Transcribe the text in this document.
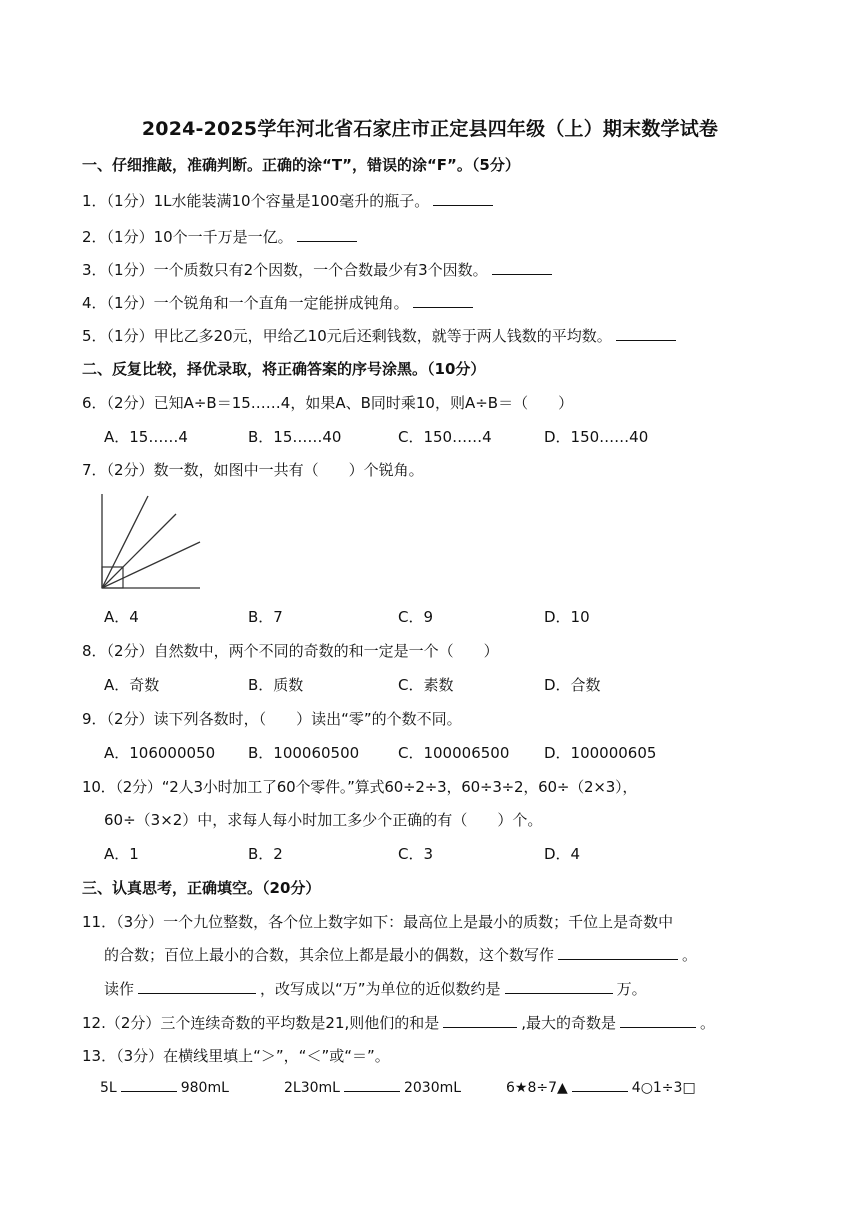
2024-2025学年河北省石家庄市正定县四年级（上）期末数学试卷
一、仔细推敲，准确判断。正确的涂“T”，错误的涂“F”。（5分）
1．（1分）1L水能装满10个容量是100毫升的瓶子。
2．（1分）10个一千万是一亿。
3．（1分）一个质数只有2个因数，一个合数最少有3个因数。
4．（1分）一个锐角和一个直角一定能拼成钝角。
5．（1分）甲比乙多20元，甲给乙10元后还剩钱数，就等于两人钱数的平均数。
二、反复比较，择优录取，将正确答案的序号涂黑。（10分）
6．（2分）已知A÷B＝15……4，如果A、B同时乘10，则A÷B＝（　　）
A．15……4	B．15……40	C．150……4	D．150……40
7．（2分）数一数，如图中一共有（　　）个锐角。
A．4	B．7	C．9	D．10
8．（2分）自然数中，两个不同的奇数的和一定是一个（　　）
A．奇数	B．质数	C．素数	D．合数
9．（2分）读下列各数时，（　　）读出“零”的个数不同。
A．106000050 B．100060500	C．100006500 D．100000605
10．（2分）“2人3小时加工了60个零件。”算式60÷2÷3，60÷3÷2，60÷（2×3），
60÷（3×2）中，求每人每小时加工多少个正确的有（　　）个。
A．1	B．2	C．3	D．4
三、认真思考，正确填空。（20分）
11．（3分）一个九位整数，各个位上数字如下：最高位上是最小的质数；千位上是奇数中
的合数；百位上最小的合数，其余位上都是最小的偶数，这个数写作	。
读作	，改写成以“万”为单位的近似数约是	万。
12.（2分）三个连续奇数的平均数是21,则他们的和是	,最大的奇数是	。
13．（3分）在横线里填上“＞”，“＜”或“＝”。
5L	980mL	2L30mL	2030mL	6★8÷7▲	4○1÷3□
